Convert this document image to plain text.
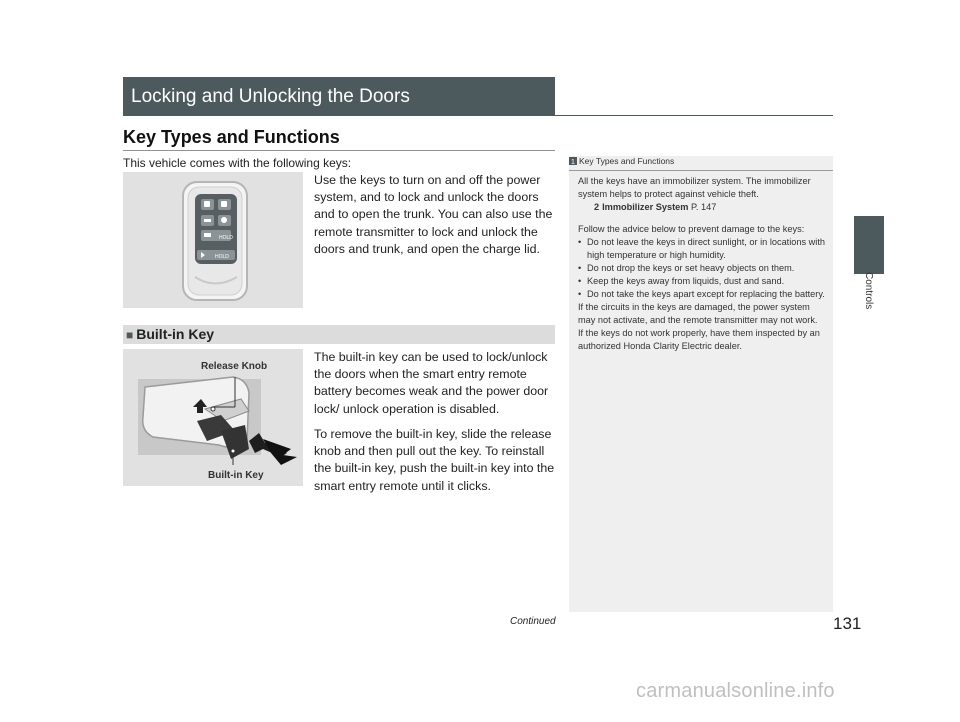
Locking and Unlocking the Doors
Key Types and Functions
This vehicle comes with the following keys:
HOLD
HOLD
Use the keys to turn on and off the power system, and to lock and unlock the doors and to open the trunk. You can also use the remote transmitter to lock and unlock the doors and trunk, and open the charge lid.
■ Built-in Key
Release Knob
Built-in Key
The built-in key can be used to lock/unlock the doors when the smart entry remote battery becomes weak and the power door lock/ unlock operation is disabled.
To remove the built-in key, slide the release knob and then pull out the key. To reinstall the built-in key, push the built-in key into the smart entry remote until it clicks.
1 Key Types and Functions

All the keys have an immobilizer system. The immobilizer system helps to protect against vehicle theft.

2 Immobilizer System P. 147

Follow the advice below to prevent damage to the keys:

• Do not leave the keys in direct sunlight, or in locations with high temperature or high humidity.
• Do not drop the keys or set heavy objects on them.
• Keep the keys away from liquids, dust and sand.
• Do not take the keys apart except for replacing the battery.

If the circuits in the keys are damaged, the power system may not activate, and the remote transmitter may not work.

If the keys do not work properly, have them inspected by an authorized Honda Clarity Electric dealer.

Controls
Continued	131
carmanualsonline.info
